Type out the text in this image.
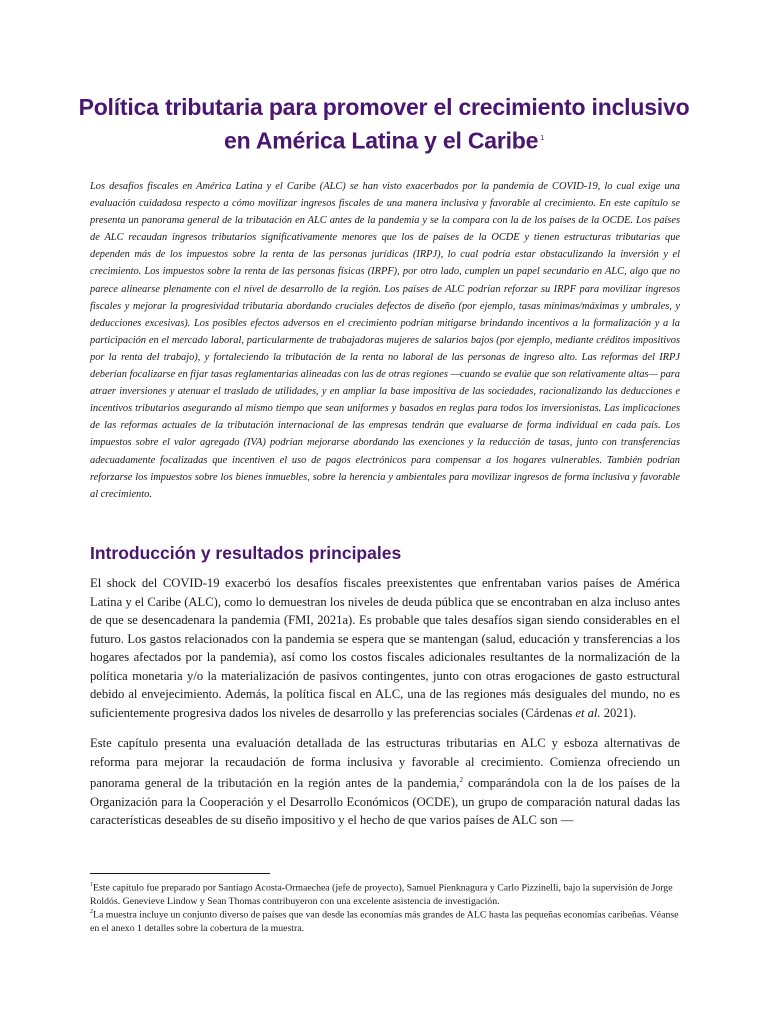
Política tributaria para promover el crecimiento inclusivo en América Latina y el Caribe $^1$

Los desafíos fiscales en América Latina y el Caribe (ALC) se han visto exacerbados por la pandemia de COVID-19, lo cual exige una evaluación cuidadosa respecto a cómo movilizar ingresos fiscales de una manera inclusiva y favorable al crecimiento. En este capítulo se presenta un panorama general de la tributación en ALC antes de la pandemia y se la compara con la de los países de la OCDE. Los países de ALC recaudan ingresos tributarios significativamente menores que los de países de la OCDE y tienen estructuras tributarias que dependen más de los impuestos sobre la renta de las personas jurídicas (IRPJ), lo cual podría estar obstaculizando la inversión y el crecimiento. Los impuestos sobre la renta de las personas físicas (IRPF), por otro lado, cumplen un papel secundario en ALC, algo que no parece alinearse plenamente con el nivel de desarrollo de la región. Los países de ALC podrían reforzar su IRPF para movilizar ingresos fiscales y mejorar la progresividad tributaria abordando cruciales defectos de diseño (por ejemplo, tasas mínimas/máximas y umbrales, y deducciones excesivas). Los posibles efectos adversos en el crecimiento podrían mitigarse brindando incentivos a la formalización y a la participación en el mercado laboral, particularmente de trabajadoras mujeres de salarios bajos (por ejemplo, mediante créditos impositivos por la renta del trabajo), y fortaleciendo la tributación de la renta no laboral de las personas de ingreso alto. Las reformas del IRPJ deberían focalizarse en fijar tasas reglamentarias alineadas con las de otras regiones —cuando se evalúe que son relativamente altas— para atraer inversiones y atenuar el traslado de utilidades, y en ampliar la base impositiva de las sociedades, racionalizando las deducciones e incentivos tributarios asegurando al mismo tiempo que sean uniformes y basados en reglas para todos los inversionistas. Las implicaciones de las reformas actuales de la tributación internacional de las empresas tendrán que evaluarse de forma individual en cada país. Los impuestos sobre el valor agregado (IVA) podrían mejorarse abordando las exenciones y la reducción de tasas, junto con transferencias adecuadamente focalizadas que incentiven el uso de pagos electrónicos para compensar a los hogares vulnerables. También podrían reforzarse los impuestos sobre los bienes inmuebles, sobre la herencia y ambientales para movilizar ingresos de forma inclusiva y favorable al crecimiento.

Introducción y resultados principales

El shock del COVID-19 exacerbó los desafíos fiscales preexistentes que enfrentaban varios países de América Latina y el Caribe (ALC), como lo demuestran los niveles de deuda pública que se encontraban en alza incluso antes de que se desencadenara la pandemia (FMI, 2021a). Es probable que tales desafíos sigan siendo considerables en el futuro. Los gastos relacionados con la pandemia se espera que se mantengan (salud, educación y transferencias a los hogares afectados por la pandemia), así como los costos fiscales adicionales resultantes de la normalización de la política monetaria y/o la materialización de pasivos contingentes, junto con otras erogaciones de gasto estructural debido al envejecimiento. Además, la política fiscal en ALC, una de las regiones más desiguales del mundo, no es suficientemente progresiva dados los niveles de desarrollo y las preferencias sociales (Cárdenas et al. 2021).

Este capítulo presenta una evaluación detallada de las estructuras tributarias en ALC y esboza alternativas de reforma para mejorar la recaudación de forma inclusiva y favorable al crecimiento. Comienza ofreciendo un panorama general de la tributación en la región antes de la pandemia,$^2$ comparándola con la de los países de la Organización para la Cooperación y el Desarrollo Económicos (OCDE), un grupo de comparación natural dadas las características deseables de su diseño impositivo y el hecho de que varios países de ALC son —

$^1$Este capítulo fue preparado por Santiago Acosta-Ormaechea (jefe de proyecto), Samuel Pienknagura y Carlo Pizzinelli, bajo la supervisión de Jorge Roldós. Genevieve Lindow y Sean Thomas contribuyeron con una excelente asistencia de investigación.

$^2$La muestra incluye un conjunto diverso de países que van desde las economías más grandes de ALC hasta las pequeñas economías caribeñas. Véanse en el anexo 1 detalles sobre la cobertura de la muestra.
